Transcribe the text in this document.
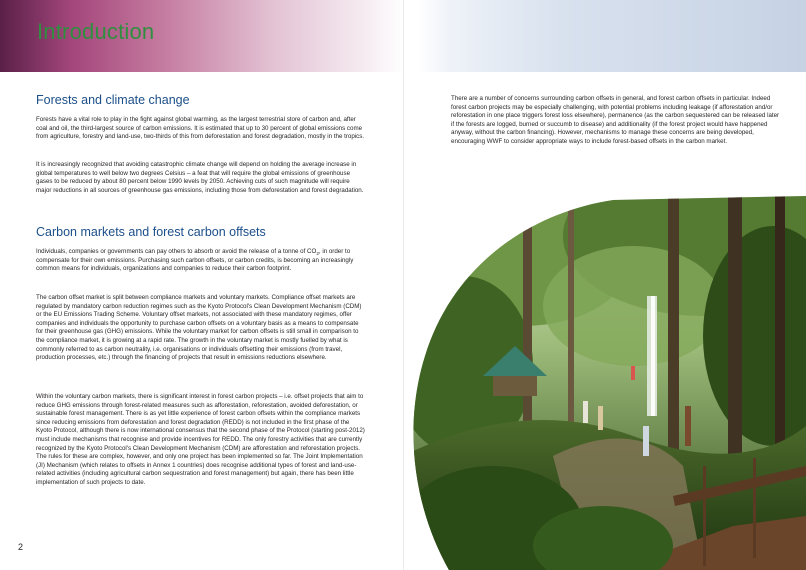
Introduction
Forests and climate change

Forests have a vital role to play in the fight against global warming, as the largest terrestrial store of carbon and, after coal and oil, the third-largest source of carbon emissions. It is estimated that up to 30 percent of global emissions come from agriculture, forestry and land-use, two-thirds of this from deforestation and forest degradation, mostly in the tropics.

It is increasingly recognized that avoiding catastrophic climate change will depend on holding the average increase in global temperatures to well below two degrees Celsius – a feat that will require the global emissions of greenhouse gases to be reduced by about 80 percent below 1990 levels by 2050. Achieving cuts of such magnitude will require major reductions in all sources of greenhouse gas emissions, including those from deforestation and forest degradation.

Carbon markets and forest carbon offsets

Individuals, companies or governments can pay others to absorb or avoid the release of a tonne of $CO_2$, in order to compensate for their own emissions. Purchasing such carbon offsets, or carbon credits, is becoming an increasingly common means for individuals, organizations and companies to reduce their carbon footprint.

The carbon offset market is split between compliance markets and voluntary markets. Compliance offset markets are regulated by mandatory carbon reduction regimes such as the Kyoto Protocol's Clean Development Mechanism (CDM) or the EU Emissions Trading Scheme. Voluntary offset markets, not associated with these mandatory regimes, offer companies and individuals the opportunity to purchase carbon offsets on a voluntary basis as a means to compensate for their greenhouse gas (GHG) emissions. While the voluntary market for carbon offsets is still small in comparison to the compliance market, it is growing at a rapid rate. The growth in the voluntary market is mostly fuelled by what is commonly referred to as carbon neutrality, i.e. organisations or individuals offsetting their emissions (from travel, production processes, etc.) through the financing of projects that result in emissions reductions elsewhere.

Within the voluntary carbon markets, there is significant interest in forest carbon projects – i.e. offset projects that aim to reduce GHG emissions through forest-related measures such as afforestation, reforestation, avoided deforestation, or sustainable forest management. There is as yet little experience of forest carbon offsets within the compliance markets since reducing emissions from deforestation and forest degradation (REDD) is not included in the first phase of the Kyoto Protocol, although there is now international consensus that the second phase of the Protocol (starting post-2012) must include mechanisms that recognise and provide incentives for REDD. The only forestry activities that are currently recognized by the Kyoto Protocol's Clean Development Mechanism (CDM) are afforestation and reforestation projects. The rules for these are complex, however, and only one project has been implemented so far. The Joint Implementation (JI) Mechanism (which relates to offsets in Annex 1 countries) does recognise additional types of forest and land-use-related activities (including agricultural carbon sequestration and forest management) but again, there has been little implementation of such projects to date.

2

There are a number of concerns surrounding carbon offsets in general, and forest carbon offsets in particular. Indeed forest carbon projects may be especially challenging, with potential problems including leakage (if afforestation and/or reforestation in one place triggers forest loss elsewhere), permanence (as the carbon sequestered can be released later if the forests are logged, burned or succumb to disease) and additionality (if the forest project would have happened anyway, without the carbon financing). However, mechanisms to manage these concerns are being developed, encouraging WWF to consider appropriate ways to include forest-based offsets in the carbon market.
